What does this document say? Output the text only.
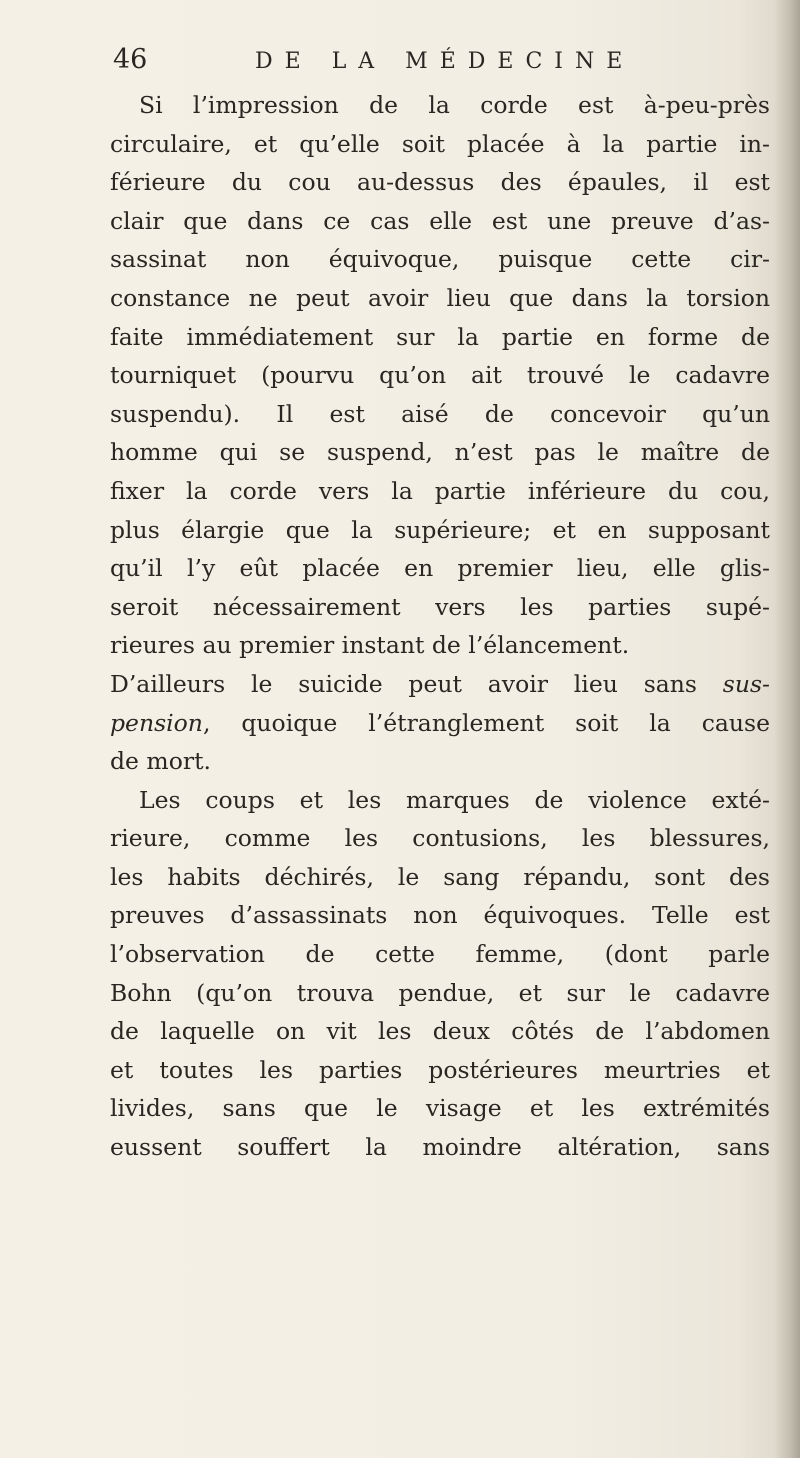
46	DE LA MÉDECINE
Si l’impression de la corde est à-peu-près
circulaire, et qu’elle soit placée à la partie in-
férieure du cou au-dessus des épaules, il est
clair que dans ce cas elle est une preuve d’as-
sassinat non équivoque, puisque cette cir-
constance ne peut avoir lieu que dans la torsion
faite immédiatement sur la partie en forme de
tourniquet (pourvu qu’on ait trouvé le cadavre
suspendu). Il est aisé de concevoir qu’un
homme qui se suspend, n’est pas le maître de
fixer la corde vers la partie inférieure du cou,
plus élargie que la supérieure; et en supposant
qu’il l’y eût placée en premier lieu, elle glis-
seroit nécessairement vers les parties supé-
rieures au premier instant de l’élancement.
D’ailleurs le suicide peut avoir lieu sans sus-
pension, quoique l’étranglement soit la cause
de mort.
Les coups et les marques de violence exté-
rieure, comme les contusions, les blessures,
les habits déchirés, le sang répandu, sont des
preuves d’assassinats non équivoques. Telle est
l’observation de cette femme, (dont parle
Bohn (qu’on trouva pendue, et sur le cadavre
de laquelle on vit les deux côtés de l’abdomen
et toutes les parties postérieures meurtries et
livides, sans que le visage et les extrémités
eussent souffert la moindre altération, sans
